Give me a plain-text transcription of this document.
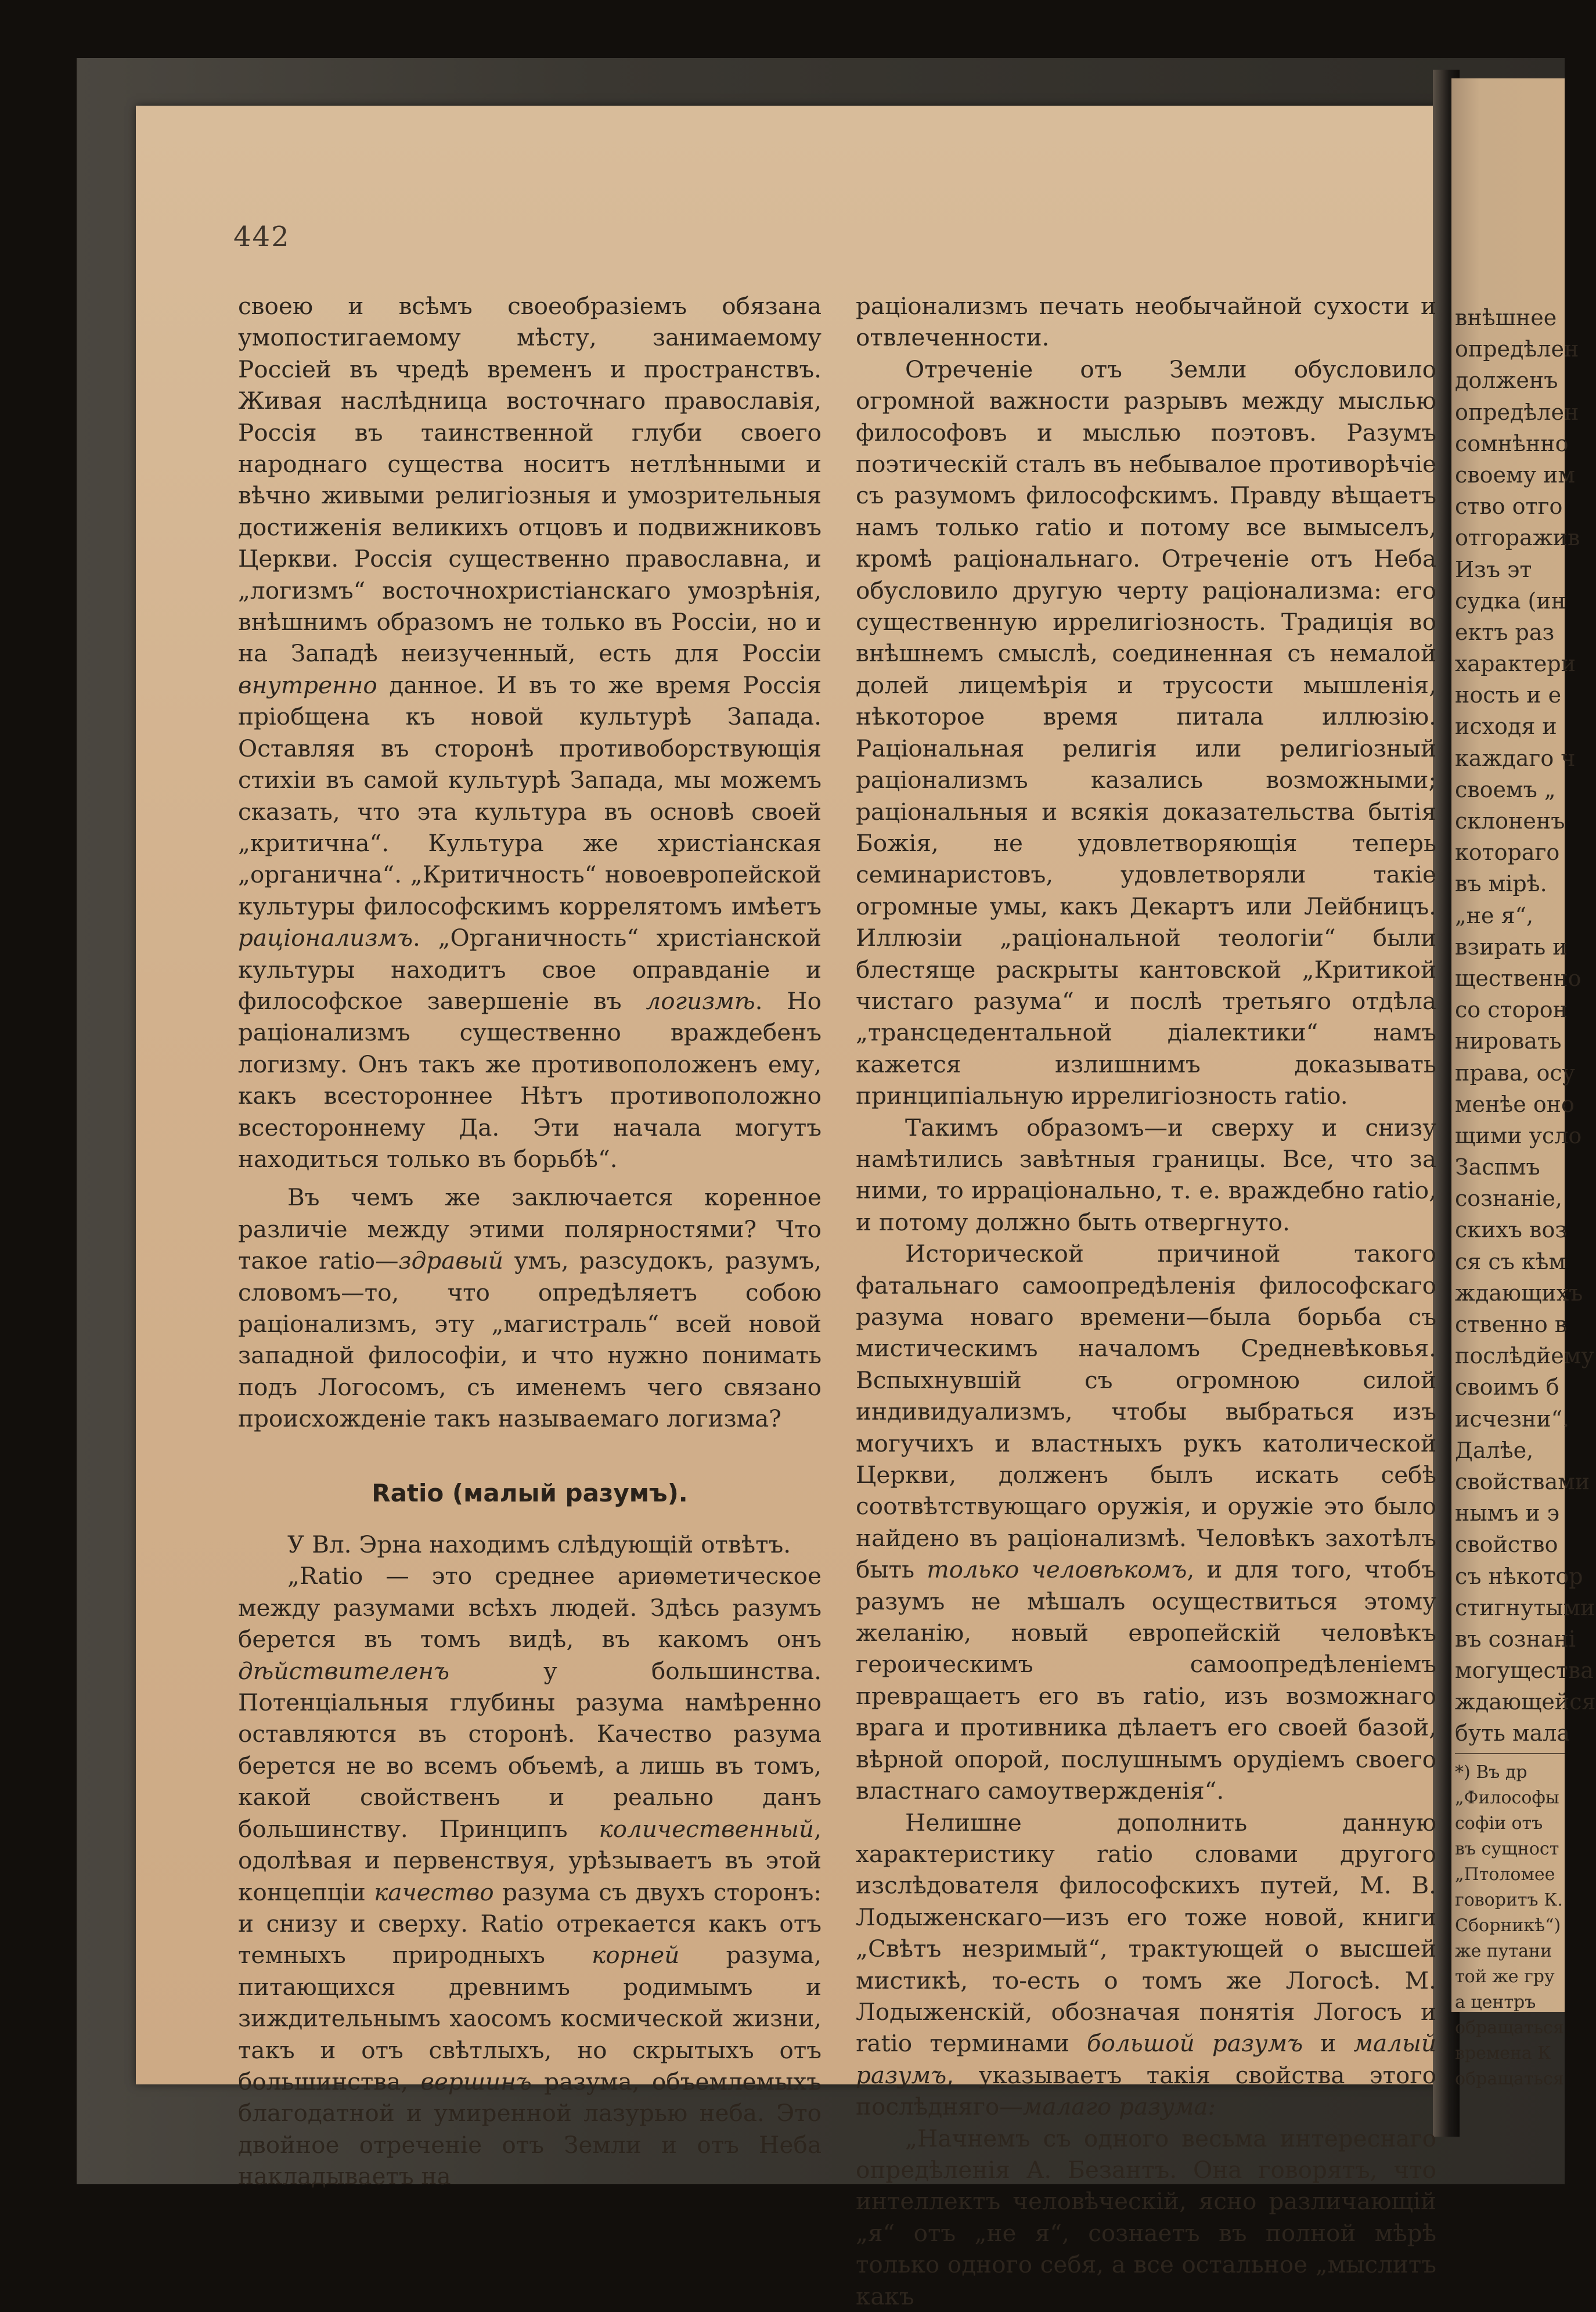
442

своею и всѣмъ своеобразіемъ обязана умопостигаемому мѣсту, занимаемому Россіей въ чредѣ временъ и пространствъ. Живая наслѣдница восточнаго православія, Россія въ таинственной глуби своего народнаго существа носитъ нетлѣнными и вѣчно живыми религіозныя и умозрительныя достиженія великихъ отцовъ и подвижниковъ Церкви. Россія существенно православна, и „логизмъ“ восточнохристіанскаго умозрѣнія, внѣшнимъ образомъ не только въ Россіи, но и на Западѣ неизученный, есть для Россіи внутренно данное. И въ то же время Россія пріобщена къ новой культурѣ Запада. Оставляя въ сторонѣ противоборствующія стихіи въ самой культурѣ Запада, мы можемъ сказать, что эта культура въ основѣ своей „критична“. Культура же христіанская „органична“. „Критичность“ новоевропейской культуры философскимъ коррелятомъ имѣетъ раціонализмъ. „Органичность“ христіанской культуры находитъ свое оправданіе и философское завершеніе въ логизмѣ. Но раціонализмъ существенно враждебенъ логизму. Онъ такъ же противоположенъ ему, какъ всестороннее Нѣтъ противоположно всестороннему Да. Эти начала могутъ находиться только въ борьбѣ“.

Въ чемъ же заключается коренное различіе между этими полярностями? Что такое ratio—здравый умъ, разсудокъ, разумъ, словомъ—то, что опредѣляетъ собою раціонализмъ, эту „магистраль“ всей новой западной философіи, и что нужно понимать подъ Логосомъ, съ именемъ чего связано происхожденіе такъ называемаго логизма?

Ratio (малый разумъ).

У Вл. Эрна находимъ слѣдующій отвѣтъ.

„Ratio — это среднее ариѳметическое между разумами всѣхъ людей. Здѣсь разумъ берется въ томъ видѣ, въ какомъ онъ дѣйствителенъ у большинства. Потенціальныя глубины разума намѣренно оставляются въ сторонѣ. Качество разума берется не во всемъ объемѣ, а лишь въ томъ, какой свойственъ и реально данъ большинству. Принципъ количественный, одолѣвая и первенствуя, урѣзываетъ въ этой концепціи качество разума съ двухъ сторонъ: и снизу и сверху. Ratio отрекается какъ отъ темныхъ природныхъ корней разума, питающихся древнимъ родимымъ и зиждительнымъ хаосомъ космической жизни, такъ и отъ свѣтлыхъ, но скрытыхъ отъ большинства, вершинъ разума, объемлемыхъ благодатной и умиренной лазурью неба. Это двойное отреченіе отъ Земли и отъ Неба накладываетъ на

раціонализмъ печать необычайной сухости и отвлеченности.

Отреченіе отъ Земли обусловило огромной важности разрывъ между мыслью философовъ и мыслью поэтовъ. Разумъ поэтическій сталъ въ небывалое противорѣчіе съ разумомъ философскимъ. Правду вѣщаетъ намъ только ratio и потому все вымыселъ, кромѣ раціональнаго. Отреченіе отъ Неба обусловило другую черту раціонализма: его существенную иррелигіозность. Традиція во внѣшнемъ смыслѣ, соединенная съ немалой долей лицемѣрія и трусости мышленія, нѣкоторое время питала иллюзію. Раціональная религія или религіозный раціонализмъ казались возможными; раціональныя и всякія доказательства бытія Божія, не удовлетворяющія теперь семинаристовъ, удовлетворяли такіе огромные умы, какъ Декартъ или Лейбницъ. Иллюзіи „раціональной теологіи“ были блестяще раскрыты кантовской „Критикой чистаго разума“ и послѣ третьяго отдѣла „трансцедентальной діалектики“ намъ кажется излишнимъ доказывать принципіальную иррелигіозность ratio.

Такимъ образомъ—и сверху и снизу намѣтились завѣтныя границы. Все, что за ними, то ирраціонально, т. е. враждебно ratio, и потому должно быть отвергнуто.

Исторической причиной такого фатальнаго самоопредѣленія философскаго разума новаго времени—была борьба съ мистическимъ началомъ Средневѣковья. Вспыхнувшій съ огромною силой индивидуализмъ, чтобы выбраться изъ могучихъ и властныхъ рукъ католической Церкви, долженъ былъ искать себѣ соотвѣтствующаго оружія, и оружіе это было найдено въ раціонализмѣ. Человѣкъ захотѣлъ быть только человѣкомъ, и для того, чтобъ разумъ не мѣшалъ осуществиться этому желанію, новый европейскій человѣкъ героическимъ самоопредѣленіемъ превращаетъ его въ ratio, изъ возможнаго врага и противника дѣлаетъ его своей базой, вѣрной опорой, послушнымъ орудіемъ своего властнаго самоутвержденія“.

Нелишне дополнить данную характеристику ratio словами другого изслѣдователя философскихъ путей, М. В. Лодыженскаго—изъ его тоже новой, книги „Свѣтъ незримый“, трактующей о высшей мистикѣ, то-есть о томъ же Логосѣ. М. Лодыженскій, обозначая понятія Логосъ и ratio терминами большой разумъ и малый разумъ, указываетъ такія свойства этого послѣдняго—малаго разума:

„Начнемъ съ одного весьма интереснаго опредѣленія А. Безантъ. Она говорятъ, что интеллектъ человѣческій, ясно различающій „я“ отъ „не я“, сознаетъ въ полной мѣрѣ только одного себя, а все остальное „мыслитъ какъ

внѣшнее
опредѣлен
долженъ
опредѣлен
сомнѣнно
своему им
ство отго
отгоражив
Изъ эт
судка (ин
ектъ раз
характери
ность и е
исходя и
каждаго ч
своемъ „
склоненъ
котораго
въ мірѣ.
„не я“,
взирать и
щественно
со сторон
нировать
права, осу
менѣе оно
щими усло
Заспмъ
сознаніе,
скихъ воз
ся съ кѣм
ждающихъ
ственно в
послѣдйему
своимъ б
исчезни“.
Далѣе,
свойствами
нымъ и э
свойство
съ нѣкотор
стигнутыми
въ сознані
могущества
ждающейся
буть мала
*) Въ др
„Философы
софіи отъ
въ сущност
„Птоломее
говоритъ К.
Сборникѣ“)
же путани
той же гру
а центръ
обращаться
времена К
обращаться
